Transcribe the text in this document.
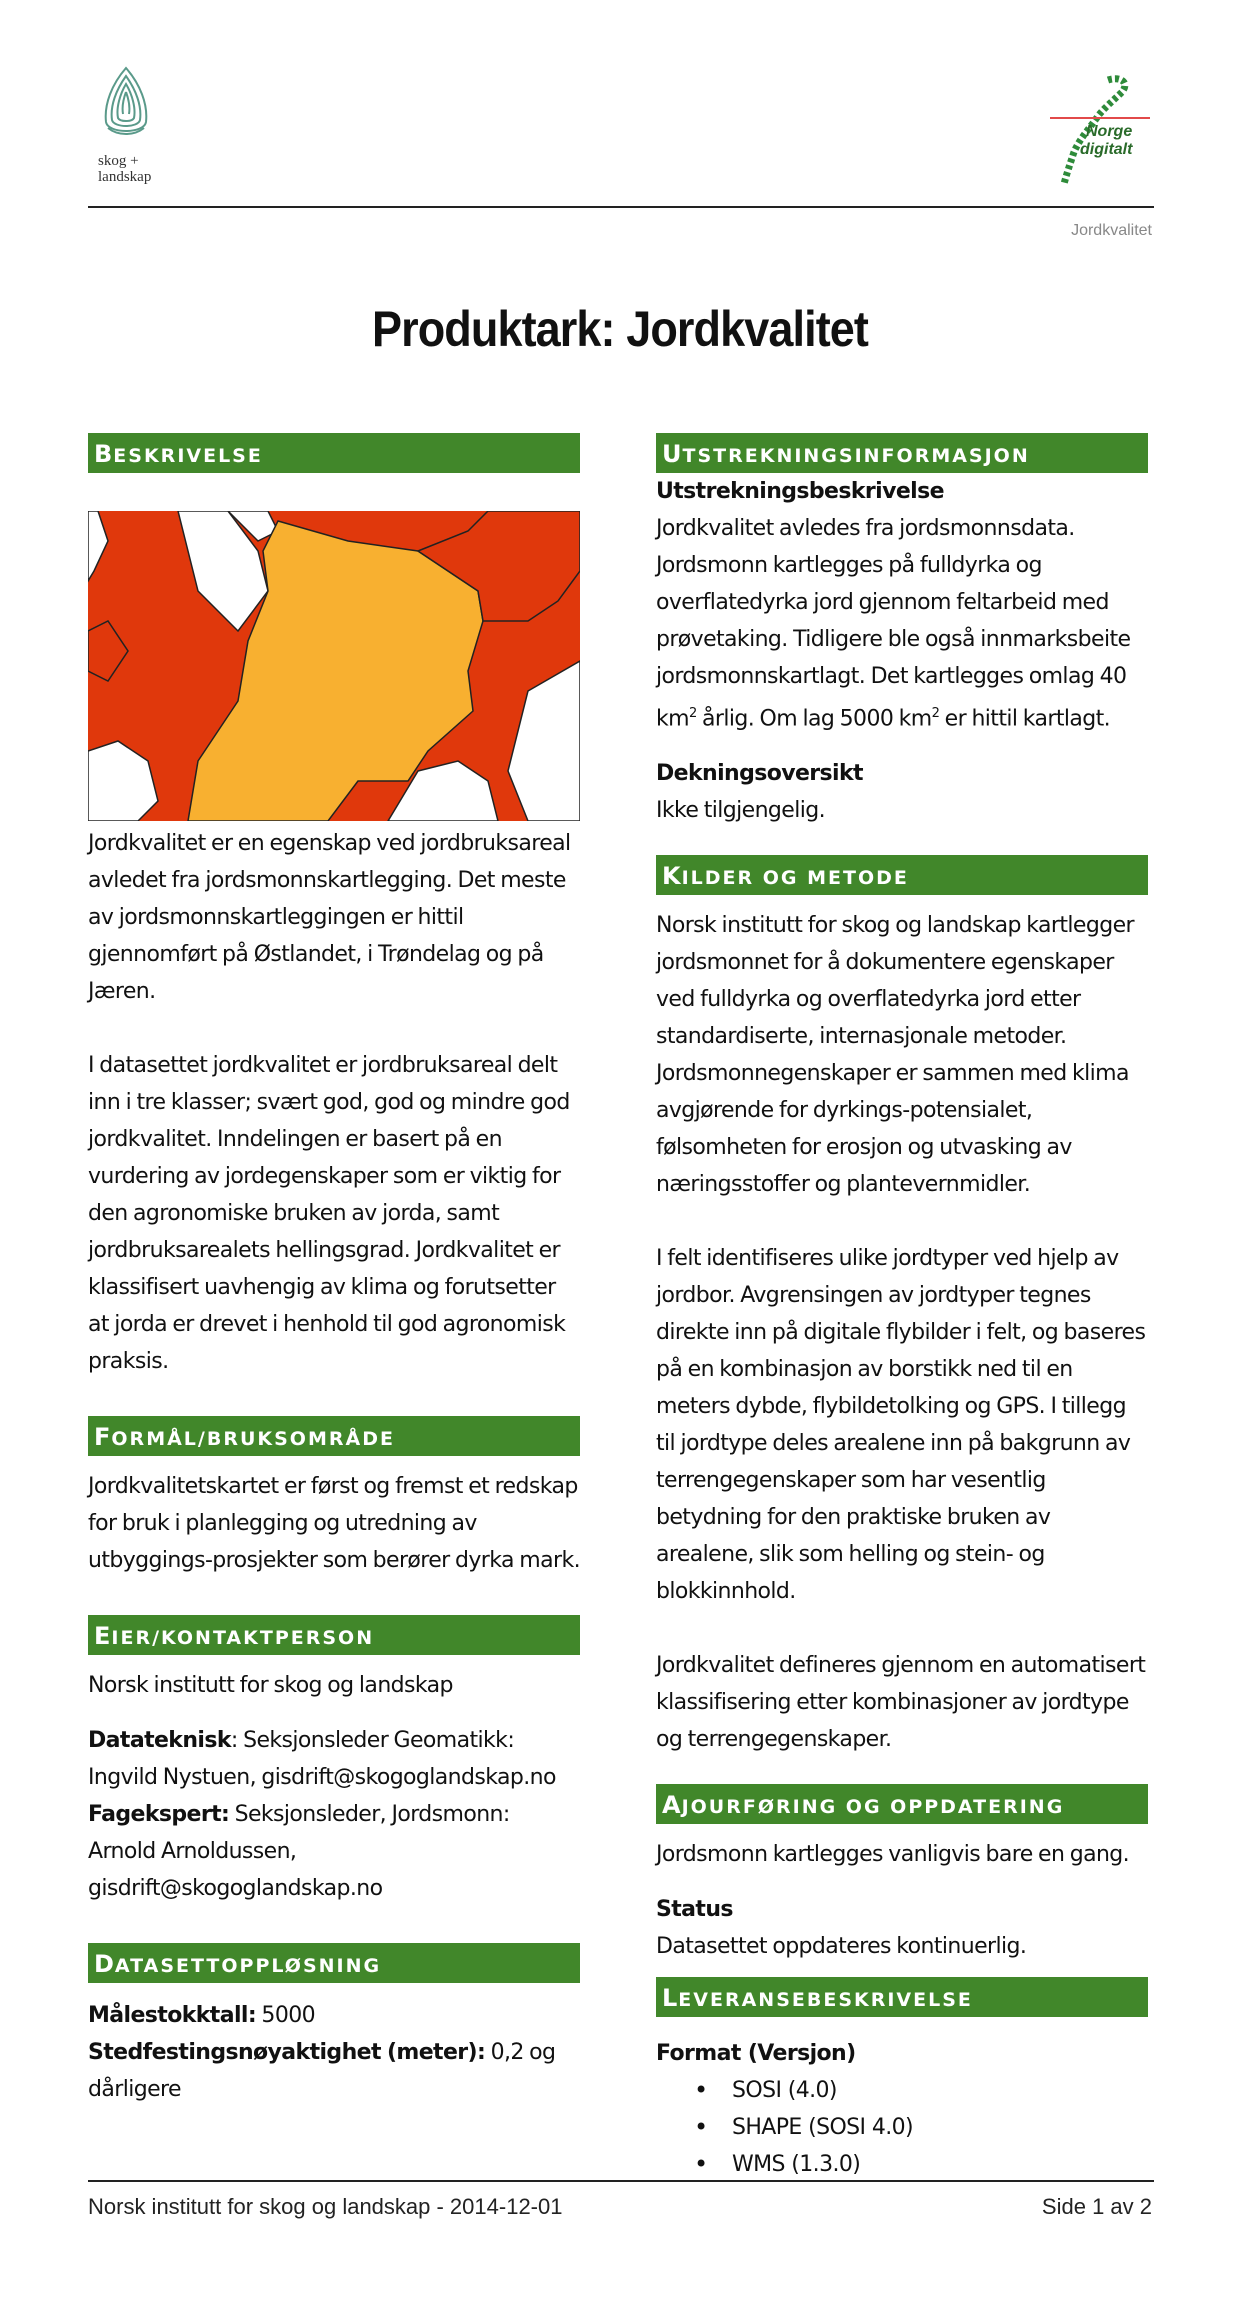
skog + landskap
Norge
digitalt
Jordkvalitet
Produktark: Jordkvalitet
BESKRIVELSE
Jordkvalitet er en egenskap ved jordbruksareal avledet fra jordsmonnskartlegging. Det meste av jordsmonnskartleggingen er hittil gjennomført på Østlandet, i Trøndelag og på Jæren.
I datasettet jordkvalitet er jordbruksareal delt inn i tre klasser; svært god, god og mindre god jordkvalitet. Inndelingen er basert på en vurdering av jordegenskaper som er viktig for den agronomiske bruken av jorda, samt jordbruksarealets hellingsgrad. Jordkvalitet er klassifisert uavhengig av klima og forutsetter at jorda er drevet i henhold til god agronomisk praksis.
FORMÅL/BRUKSOMRÅDE
Jordkvalitetskartet er først og fremst et redskap for bruk i planlegging og utredning av utbyggings-prosjekter som berører dyrka mark.
EIER/KONTAKTPERSON
Norsk institutt for skog og landskap
Datateknisk: Seksjonsleder Geomatikk: Ingvild Nystuen, gisdrift@skogoglandskap.no
Fagekspert: Seksjonsleder, Jordsmonn: Arnold Arnoldussen, gisdrift@skogoglandskap.no
DATASETTOPPLØSNING
Målestokktall: 5000
Stedfestingsnøyaktighet (meter): 0,2 og dårligere
UTSTREKNINGSINFORMASJON
Utstrekningsbeskrivelse
Jordkvalitet avledes fra jordsmonnsdata. Jordsmonn kartlegges på fulldyrka og overflatedyrka jord gjennom feltarbeid med prøvetaking. Tidligere ble også innmarksbeite jordsmonnskartlagt. Det kartlegges omlag 40 $km^2$ årlig. Om lag 5000 $km^2$ er hittil kartlagt.
Dekningsoversikt
Ikke tilgjengelig.
KILDER OG METODE
Norsk institutt for skog og landskap kartlegger jordsmonnet for å dokumentere egenskaper ved fulldyrka og overflatedyrka jord etter standardiserte, internasjonale metoder. Jordsmonnegenskaper er sammen med klima avgjørende for dyrkings-potensialet, følsomheten for erosjon og utvasking av næringsstoffer og plantevernmidler.
I felt identifiseres ulike jordtyper ved hjelp av jordbor. Avgrensingen av jordtyper tegnes direkte inn på digitale flybilder i felt, og baseres på en kombinasjon av borstikk ned til en meters dybde, flybildetolking og GPS. I tillegg til jordtype deles arealene inn på bakgrunn av terrengegenskaper som har vesentlig betydning for den praktiske bruken av arealene, slik som helling og stein- og blokkinnhold.
Jordkvalitet defineres gjennom en automatisert klassifisering etter kombinasjoner av jordtype og terrengegenskaper.
AJOURFØRING OG OPPDATERING
Jordsmonn kartlegges vanligvis bare en gang.
Status
Datasettet oppdateres kontinuerlig.
LEVERANSEBESKRIVELSE
Format (Versjon)
• SOSI (4.0)
• SHAPE (SOSI 4.0)
• WMS (1.3.0)
Norsk institutt for skog og landskap - 2014-12-01	Side 1 av 2
